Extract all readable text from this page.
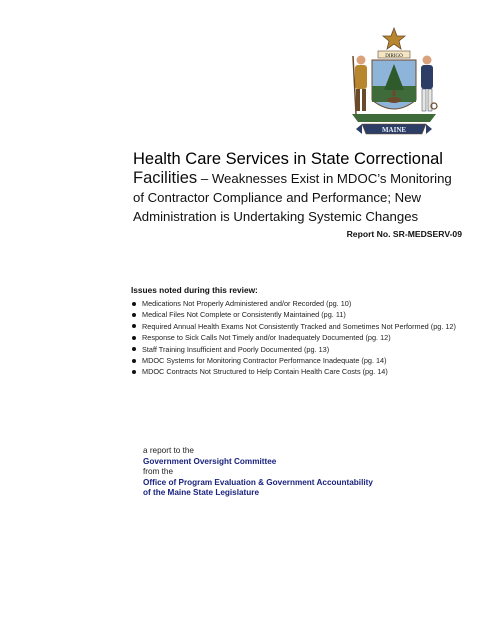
DIRIGO
MAINE
Health Care Services in State Correctional
Facilities – Weaknesses Exist in MDOC’s Monitoring
of Contractor Compliance and Performance; New
Administration is Undertaking Systemic Changes
Report No. SR-MEDSERV-09
Issues noted during this review:
Medications Not Properly Administered and/or Recorded (pg. 10)
Medical Files Not Complete or Consistently Maintained (pg. 11)
Required Annual Health Exams Not Consistently Tracked and Sometimes Not Performed (pg. 12)
Response to Sick Calls Not Timely and/or Inadequately Documented (pg. 12)
Staff Training Insufficient and Poorly Documented (pg. 13)
MDOC Systems for Monitoring Contractor Performance Inadequate (pg. 14)
MDOC Contracts Not Structured to Help Contain Health Care Costs (pg. 14)
a report to the
Government Oversight Committee
from the
Office of Program Evaluation & Government Accountability
of the Maine State Legislature
